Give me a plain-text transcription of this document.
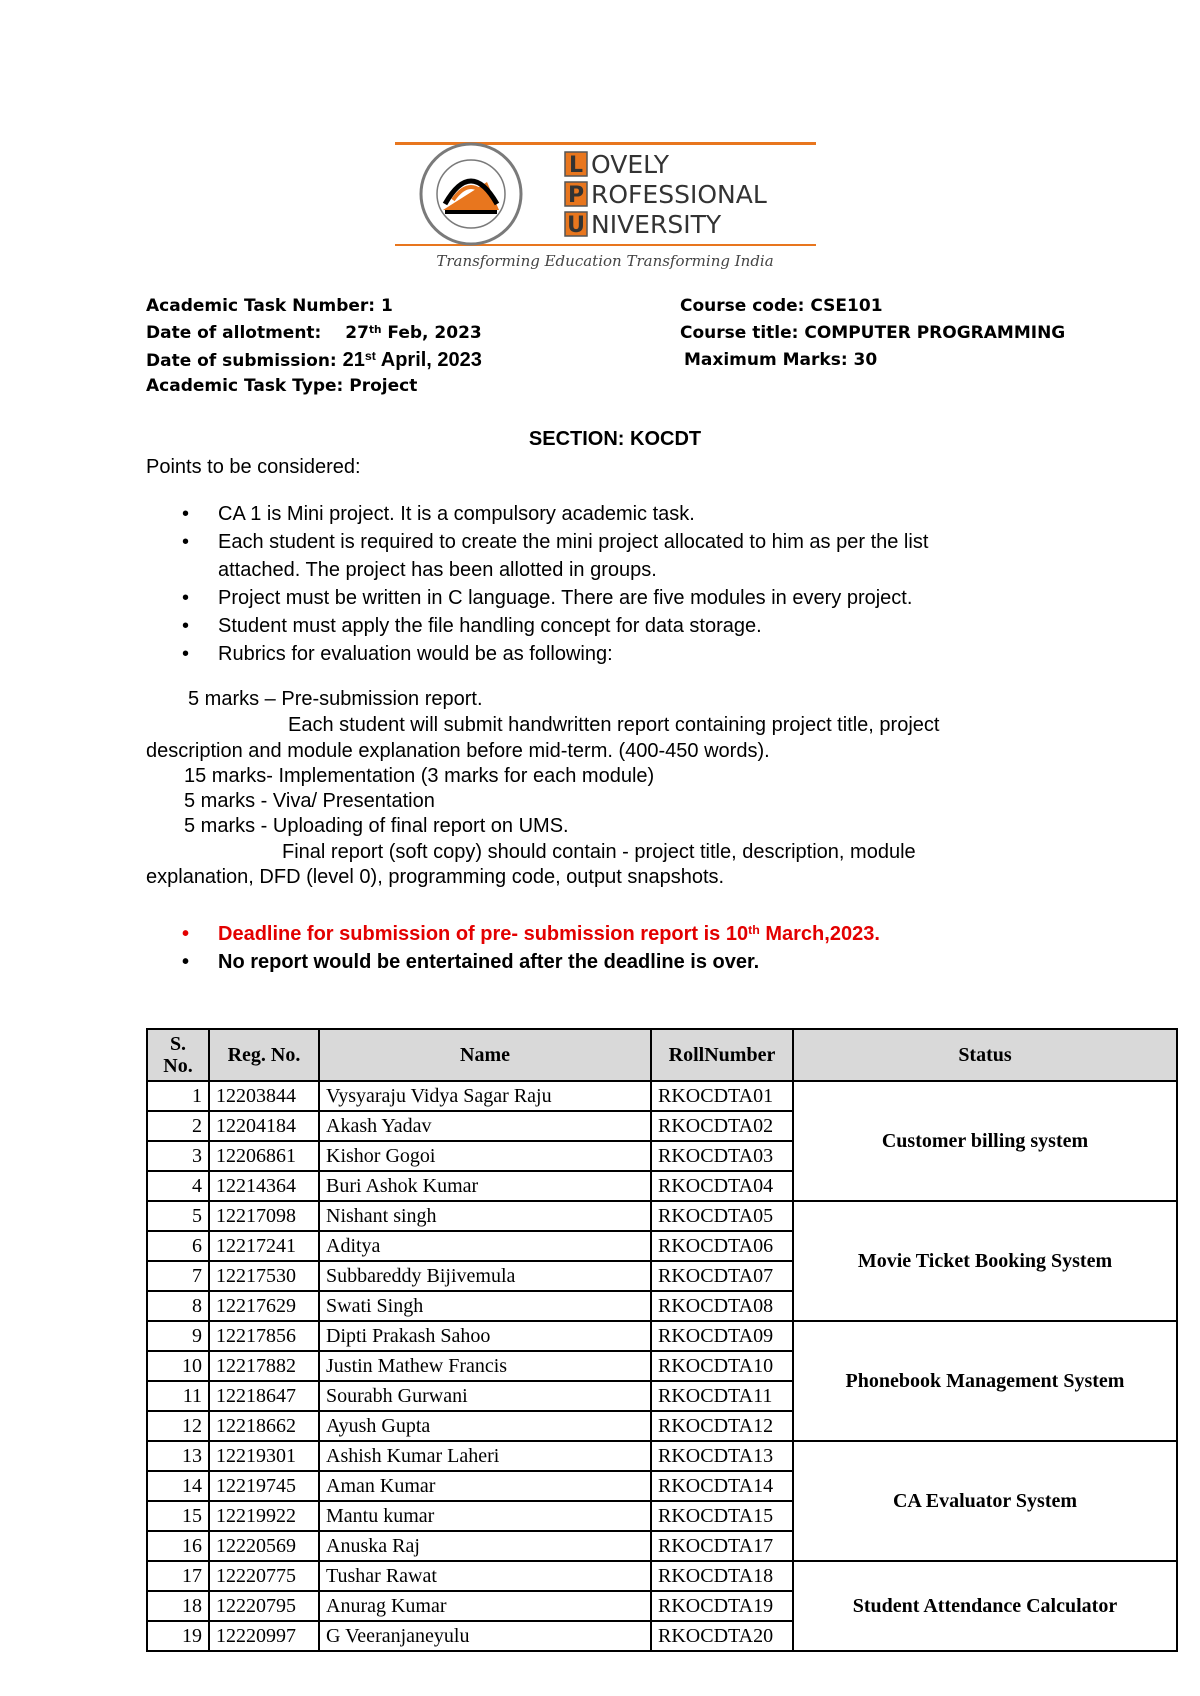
L
P
U
OVELY
ROFESSIONAL
NIVERSITY
Transforming Education Transforming India
Academic Task Number: 1
Date of allotment: 27th Feb, 2023
Date of submission: 21st April, 2023
Academic Task Type: Project
Course code: CSE101
Course title: COMPUTER PROGRAMMING
Maximum Marks: 30
SECTION: KOCDT
Points to be considered:
• CA 1 is Mini project. It is a compulsory academic task.
• Each student is required to create the mini project allocated to him as per the list
attached. The project has been allotted in groups.
• Project must be written in C language. There are five modules in every project.
• Student must apply the file handling concept for data storage.
• Rubrics for evaluation would be as following:
5 marks – Pre-submission report.
Each student will submit handwritten report containing project title, project
description and module explanation before mid-term. (400-450 words).
15 marks- Implementation (3 marks for each module)
5 marks - Viva/ Presentation
5 marks - Uploading of final report on UMS.
Final report (soft copy) should contain - project title, description, module
explanation, DFD (level 0), programming code, output snapshots.
• Deadline for submission of pre- submission report is 10th March,2023.
• No report would be entertained after the deadline is over.
S. No.	Reg. No.	Name	RollNumber	Status
1	12203844	Vysyaraju Vidya Sagar Raju	RKOCDTA01	Customer billing system
2	12204184	Akash Yadav	RKOCDTA02	
3	12206861	Kishor Gogoi	RKOCDTA03	
4	12214364	Buri Ashok Kumar	RKOCDTA04	
5	12217098	Nishant singh	RKOCDTA05	Movie Ticket Booking System
6	12217241	Aditya	RKOCDTA06	
7	12217530	Subbareddy Bijivemula	RKOCDTA07	
8	12217629	Swati Singh	RKOCDTA08	
9	12217856	Dipti Prakash Sahoo	RKOCDTA09	Phonebook Management System
10	12217882	Justin Mathew Francis	RKOCDTA10	
11	12218647	Sourabh Gurwani	RKOCDTA11	
12	12218662	Ayush Gupta	RKOCDTA12	
13	12219301	Ashish Kumar Laheri	RKOCDTA13	CA Evaluator System
14	12219745	Aman Kumar	RKOCDTA14	
15	12219922	Mantu kumar	RKOCDTA15	
16	12220569	Anuska Raj	RKOCDTA17	
17	12220775	Tushar Rawat	RKOCDTA18	Student Attendance Calculator
18	12220795	Anurag Kumar	RKOCDTA19	
19	12220997	G Veeranjaneyulu	RKOCDTA20	
